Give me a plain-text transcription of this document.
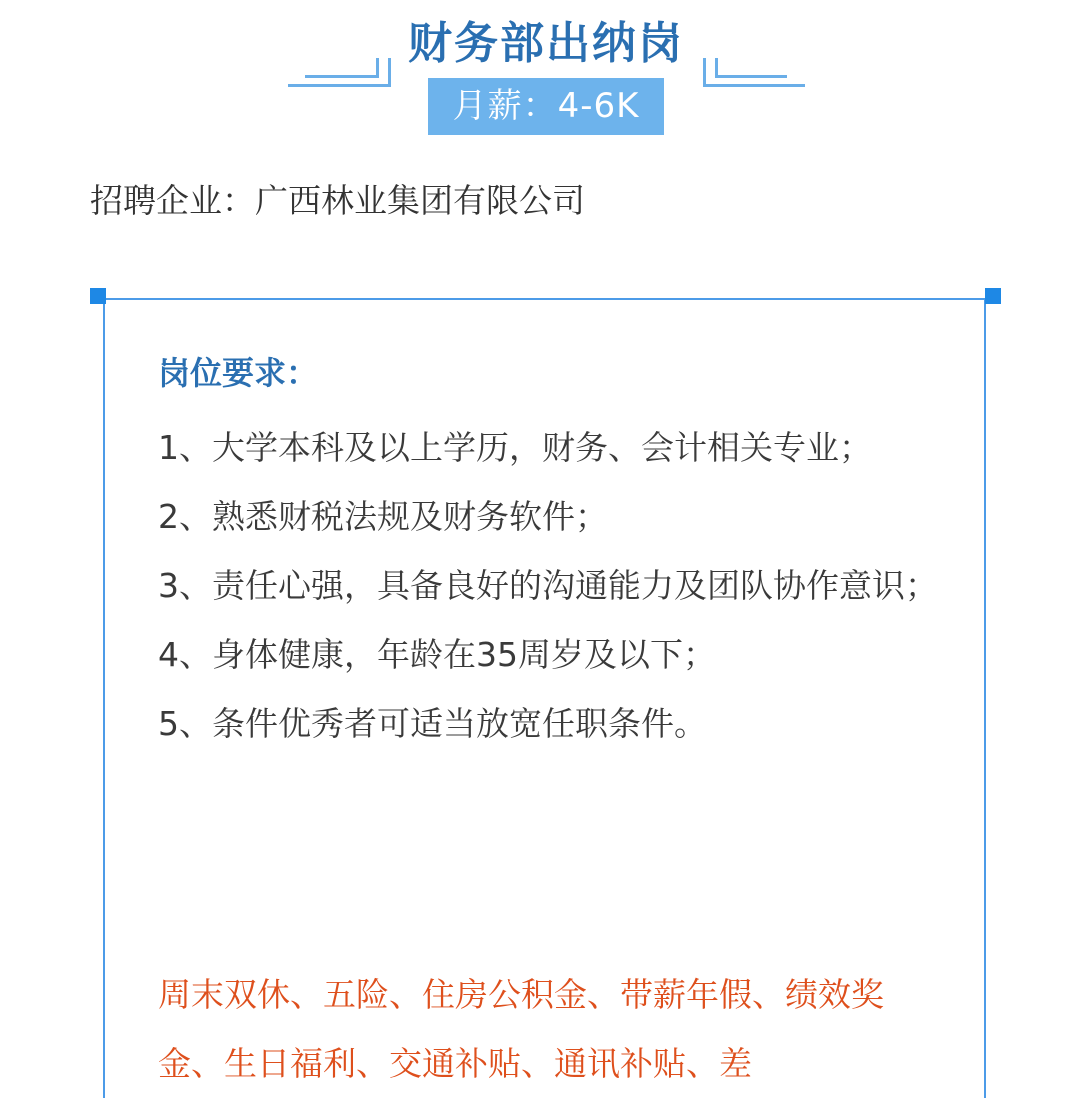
财务部出纳岗
月薪：4-6K
招聘企业：广西林业集团有限公司
岗位要求：

1、大学本科及以上学历，财务、会计相关专业；

2、熟悉财税法规及财务软件；

3、责任心强，具备良好的沟通能力及团队协作意识；

4、身体健康，年龄在35周岁及以下；

5、条件优秀者可适当放宽任职条件。

周末双休、五险、住房公积金、带薪年假、绩效奖金、生日福利、交通补贴、通讯补贴、差
